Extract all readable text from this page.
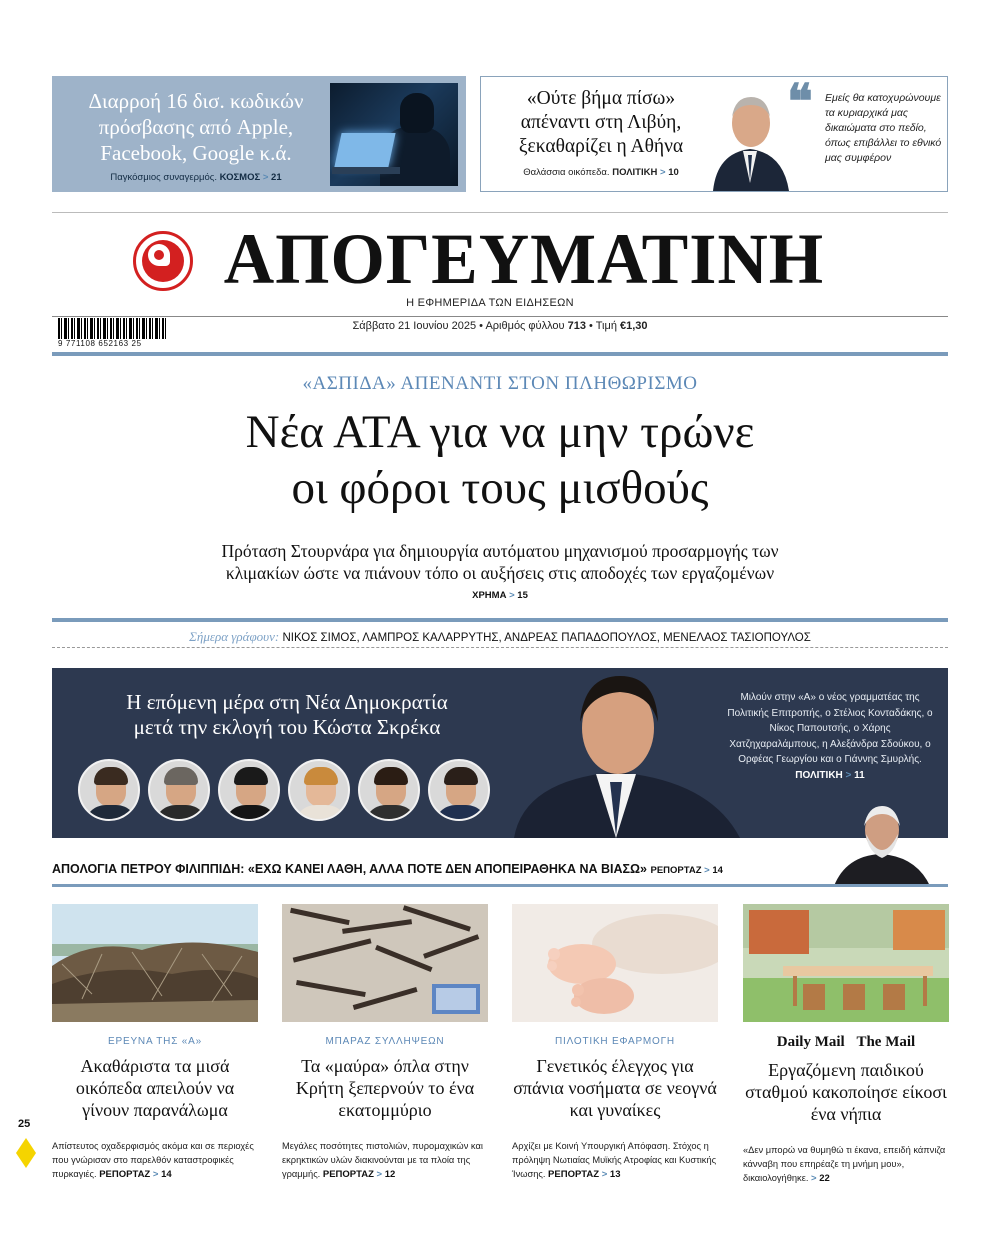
Διαρροή 16 δισ. κωδικών πρόσβασης από Apple, Facebook, Google κ.ά.
Παγκόσμιος συναγερμός. ΚΟΣΜΟΣ > 21
«Ούτε βήμα πίσω» απέναντι στη Λιβύη, ξεκαθαρίζει η Αθήνα
Θαλάσσια οικόπεδα. ΠΟΛΙΤΙΚΗ > 10
❝ Εμείς θα κατοχυρώνουμε τα κυριαρχικά μας δικαιώματα στο πεδίο, όπως επιβάλλει το εθνικό μας συμφέρον
ΑΠΟΓΕΥΜΑΤΙΝΗ
Η ΕΦΗΜΕΡΙΔΑ ΤΩΝ ΕΙΔΗΣΕΩΝ
9 771108 652163 25
Σάββατο 21 Ιουνίου 2025 • Αριθμός φύλλου 713 • Τιμή €1,30
«ΑΣΠΙΔΑ» ΑΠΕΝΑΝΤΙ ΣΤΟΝ ΠΛΗΘΩΡΙΣΜΟ
Νέα ΑΤΑ για να μην τρώνε
οι φόροι τους μισθούς
Πρόταση Στουρνάρα για δημιουργία αυτόματου μηχανισμού προσαρμογής των
κλιμακίων ώστε να πιάνουν τόπο οι αυξήσεις στις αποδοχές των εργαζομένων
ΧΡΗΜΑ > 15
Σήμερα γράφουν: ΝΙΚΟΣ ΣΙΜΟΣ, ΛΑΜΠΡΟΣ ΚΑΛΑΡΡΥΤΗΣ, ΑΝΔΡΕΑΣ ΠΑΠΑΔΟΠΟΥΛΟΣ, ΜΕΝΕΛΑΟΣ ΤΑΣΙΟΠΟΥΛΟΣ
Η επόμενη μέρα στη Νέα Δημοκρατία
μετά την εκλογή του Κώστα Σκρέκα
Μιλούν στην «Α» ο νέος γραμματέας της Πολιτικής Επιτροπής, ο Στέλιος Κονταδάκης, ο Νίκος Παπουτσής, ο Χάρης Χατζηχαραλάμπους, η Αλεξάνδρα Σδούκου, ο Ορφέας Γεωργίου και ο Γιάννης Σμυρλής. ΠΟΛΙΤΙΚΗ > 11
ΑΠΟΛΟΓΙΑ ΠΕΤΡΟΥ ΦΙΛΙΠΠΙΔΗ: «ΕΧΩ ΚΑΝΕΙ ΛΑΘΗ, ΑΛΛΑ ΠΟΤΕ ΔΕΝ ΑΠΟΠΕΙΡΑΘΗΚΑ ΝΑ ΒΙΑΣΩ» ΡΕΠΟΡΤΑΖ > 14
ΕΡΕΥΝΑ ΤΗΣ «Α»
Ακαθάριστα τα μισά οικόπεδα απειλούν να γίνουν παρανάλωμα
Απίστευτος οχαδερφισμός ακόμα και σε περιοχές που γνώρισαν στο παρελθόν καταστροφικές πυρκαγιές. ΡΕΠΟΡΤΑΖ > 14
ΜΠΑΡΑΖ ΣΥΛΛΗΨΕΩΝ
Τα «μαύρα» όπλα στην Κρήτη ξεπερνούν το ένα εκατομμύριο
Μεγάλες ποσότητες πιστολιών, πυρομαχικών και εκρηκτικών υλών διακινούνται με τα πλοία της γραμμής. ΡΕΠΟΡΤΑΖ > 12
ΠΙΛΟΤΙΚΗ ΕΦΑΡΜΟΓΗ
Γενετικός έλεγχος για σπάνια νοσήματα σε νεογνά και γυναίκες
Αρχίζει με Κοινή Υπουργική Απόφαση. Στόχος η πρόληψη Νωτιαίας Μυϊκής Ατροφίας και Κυστικής Ίνωσης. ΡΕΠΟΡΤΑΖ > 13
Daily Mail The Mail
Εργαζόμενη παιδικού σταθμού κακοποίησε είκοσι ένα νήπια
«Δεν μπορώ να θυμηθώ τι έκανα, επειδή κάπνιζα κάνναβη που επηρέαζε τη μνήμη μου», δικαιολογήθηκε. > 22
25
